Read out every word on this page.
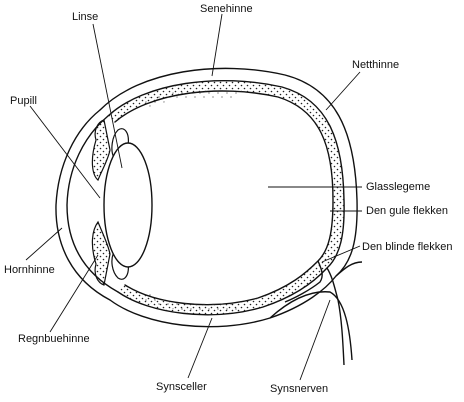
Senehinne
Linse
Netthinne
Pupill
Glasslegeme
Den gule flekken
Den blinde flekken
Hornhinne
Regnbuehinne
Synsceller	Synsnerven
